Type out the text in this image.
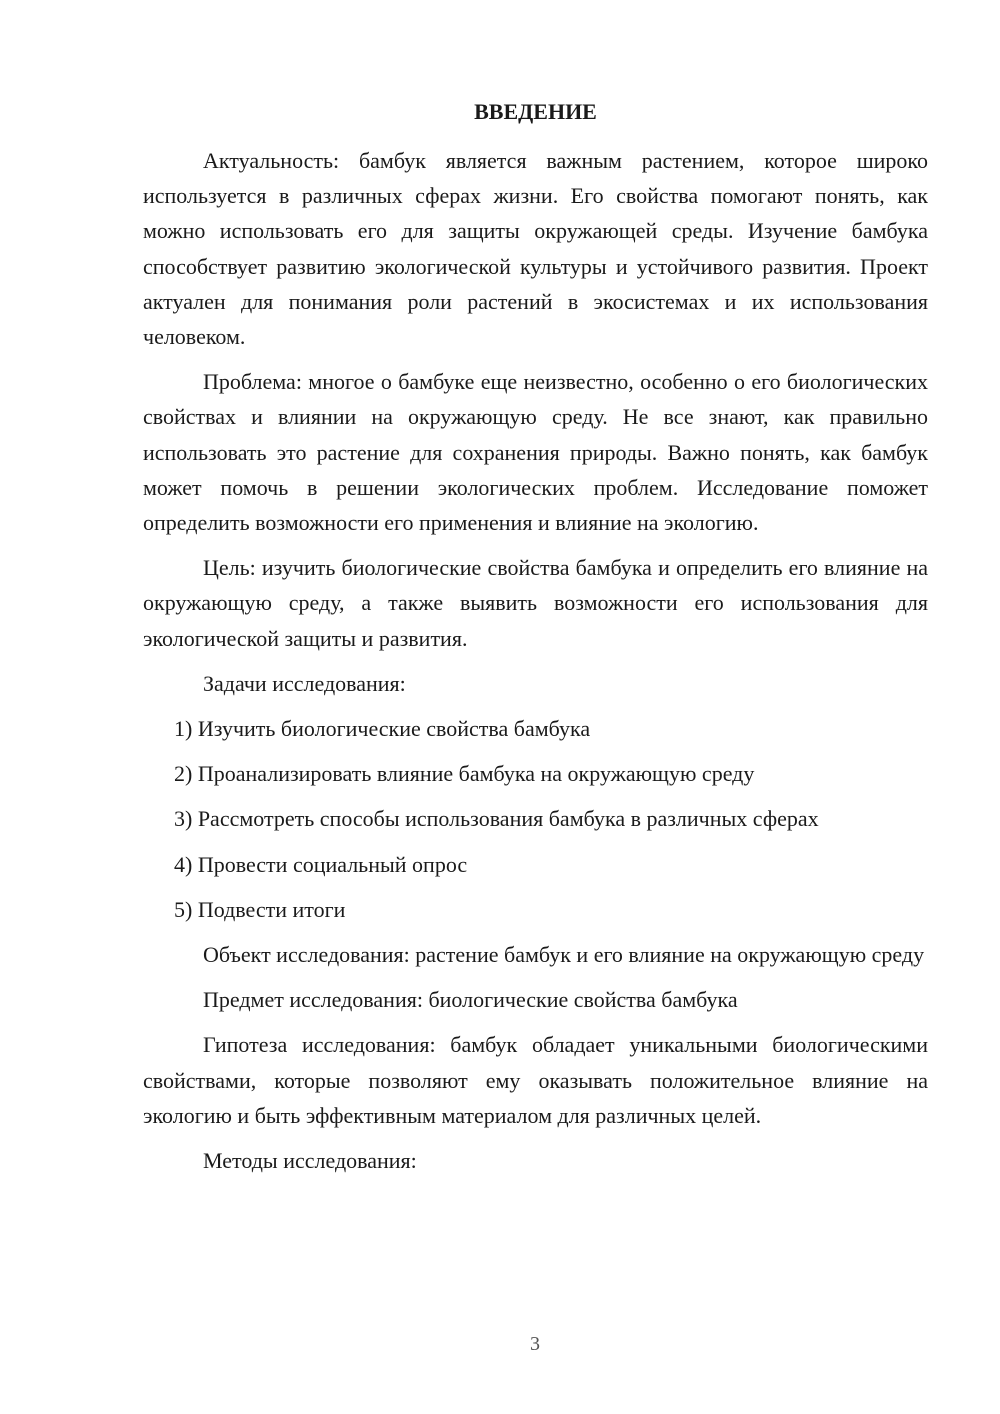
ВВЕДЕНИЕ

Актуальность: бамбук является важным растением, которое широко используется в различных сферах жизни. Его свойства помогают понять, как можно использовать его для защиты окружающей среды. Изучение бамбука способствует развитию экологической культуры и устойчивого развития. Проект актуален для понимания роли растений в экосистемах и их использования человеком.

Проблема: многое о бамбуке еще неизвестно, особенно о его биологических свойствах и влиянии на окружающую среду. Не все знают, как правильно использовать это растение для сохранения природы. Важно понять, как бамбук может помочь в решении экологических проблем. Исследование поможет определить возможности его применения и влияние на экологию.

Цель: изучить биологические свойства бамбука и определить его влияние на окружающую среду, а также выявить возможности его использования для экологической защиты и развития.

Задачи исследования:

1) Изучить биологические свойства бамбука
2) Проанализировать влияние бамбука на окружающую среду
3) Рассмотреть способы использования бамбука в различных сферах
4) Провести социальный опрос
5) Подвести итоги

Объект исследования: растение бамбук и его влияние на окружающую среду

Предмет исследования: биологические свойства бамбука

Гипотеза исследования: бамбук обладает уникальными биологическими свойствами, которые позволяют ему оказывать положительное влияние на экологию и быть эффективным материалом для различных целей.

Методы исследования:

3
